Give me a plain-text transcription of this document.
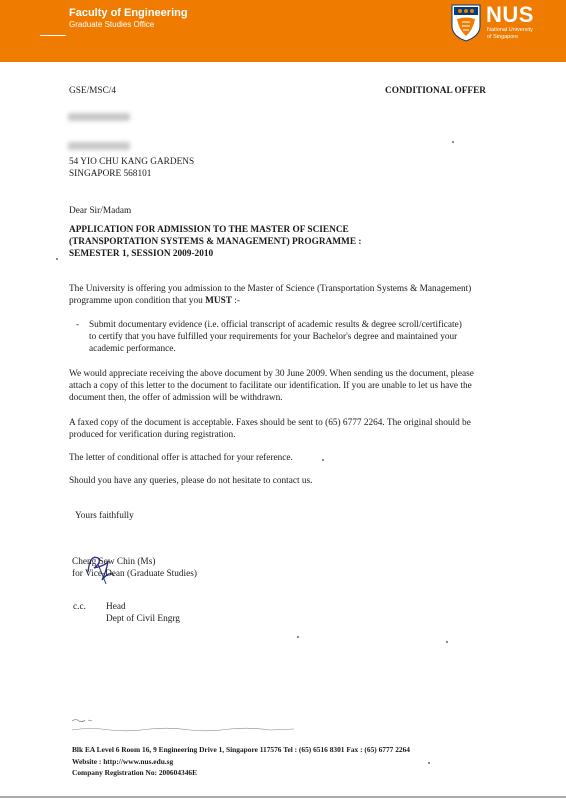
Faculty of Engineering
Graduate Studies Office	NUS
National University
of Singapore
GSE/MSC/4	CONDITIONAL OFFER
54 YIO CHU KANG GARDENS
SINGAPORE 568101
Dear Sir/Madam
APPLICATION FOR ADMISSION TO THE MASTER OF SCIENCE
(TRANSPORTATION SYSTEMS & MANAGEMENT) PROGRAMME :
SEMESTER 1, SESSION 2009-2010
The University is offering you admission to the Master of Science (Transportation Systems & Management)
programme upon condition that you MUST :-
- Submit documentary evidence (i.e. official transcript of academic results & degree scroll/certificate)
to certify that you have fulfilled your requirements for your Bachelor's degree and maintained your
academic performance.
We would appreciate receiving the above document by 30 June 2009. When sending us the document, please
attach a copy of this letter to the document to facilitate our identification. If you are unable to let us have the
document then, the offer of admission will be withdrawn.
A faxed copy of the document is acceptable. Faxes should be sent to (65) 6777 2264. The original should be
produced for verification during registration.
The letter of conditional offer is attached for your reference.
Should you have any queries, please do not hesitate to contact us.
Yours faithfully
Cheng Sew Chin (Ms)
for Vice-Dean (Graduate Studies)
c.c. Head
Dept of Civil Engrg
Blk EA Level 6 Room 16, 9 Engineering Drive 1, Singapore 117576 Tel : (65) 6516 8301 Fax : (65) 6777 2264
Website : http://www.nus.edu.sg
Company Registration No: 200604346E
